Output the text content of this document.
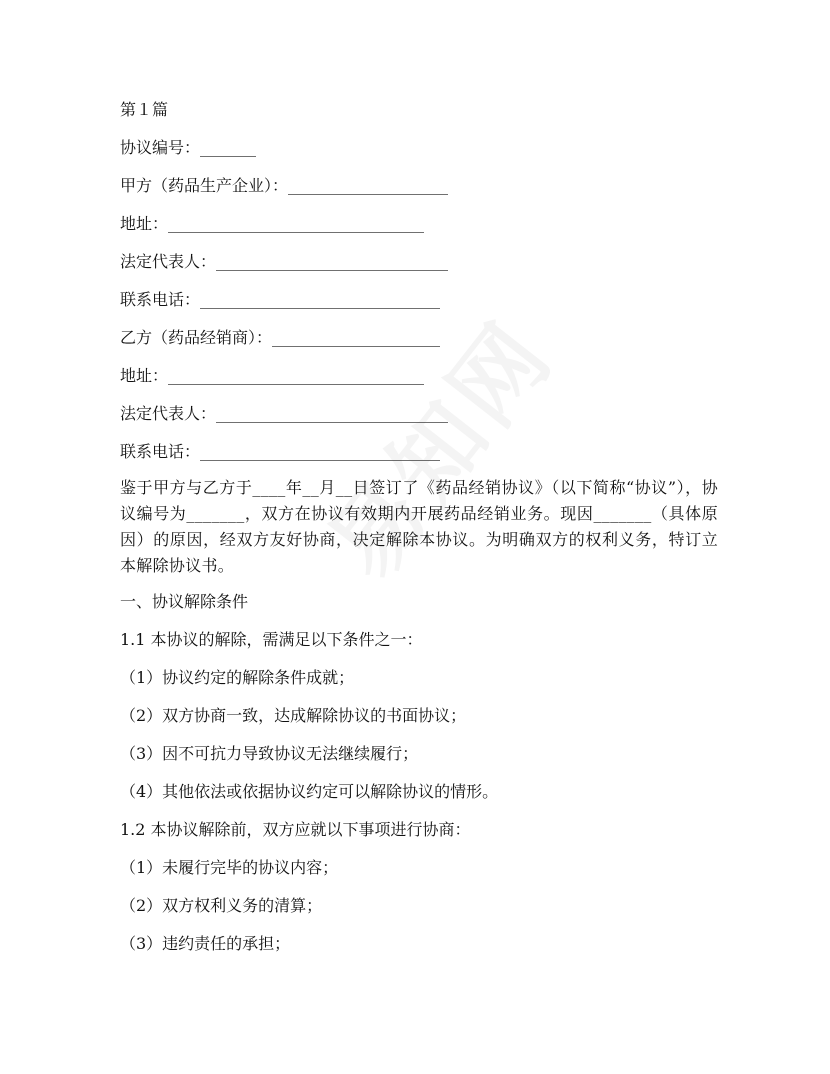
第１篇
协议编号：_______
甲方（药品生产企业）：____________________
地址：________________________________
法定代表人：_____________________________
联系电话：______________________________
乙方（药品经销商）：_____________________
地址：________________________________
法定代表人：_____________________________
联系电话：______________________________
鉴于甲方与乙方于____年__月__日签订了《药品经销协议》（以下简称“协议”），协议编号为_______，双方在协议有效期内开展药品经销业务。现因_______（具体原因）的原因，经双方友好协商，决定解除本协议。为明确双方的权利义务，特订立本解除协议书。
一、协议解除条件
1.1 本协议的解除，需满足以下条件之一：
（1）协议约定的解除条件成就；
（2）双方协商一致，达成解除协议的书面协议；
（3）因不可抗力导致协议无法继续履行；
（4）其他依法或依据协议约定可以解除协议的情形。
1.2 本协议解除前，双方应就以下事项进行协商：
（1）未履行完毕的协议内容；
（2）双方权利义务的清算；
（3）违约责任的承担；
